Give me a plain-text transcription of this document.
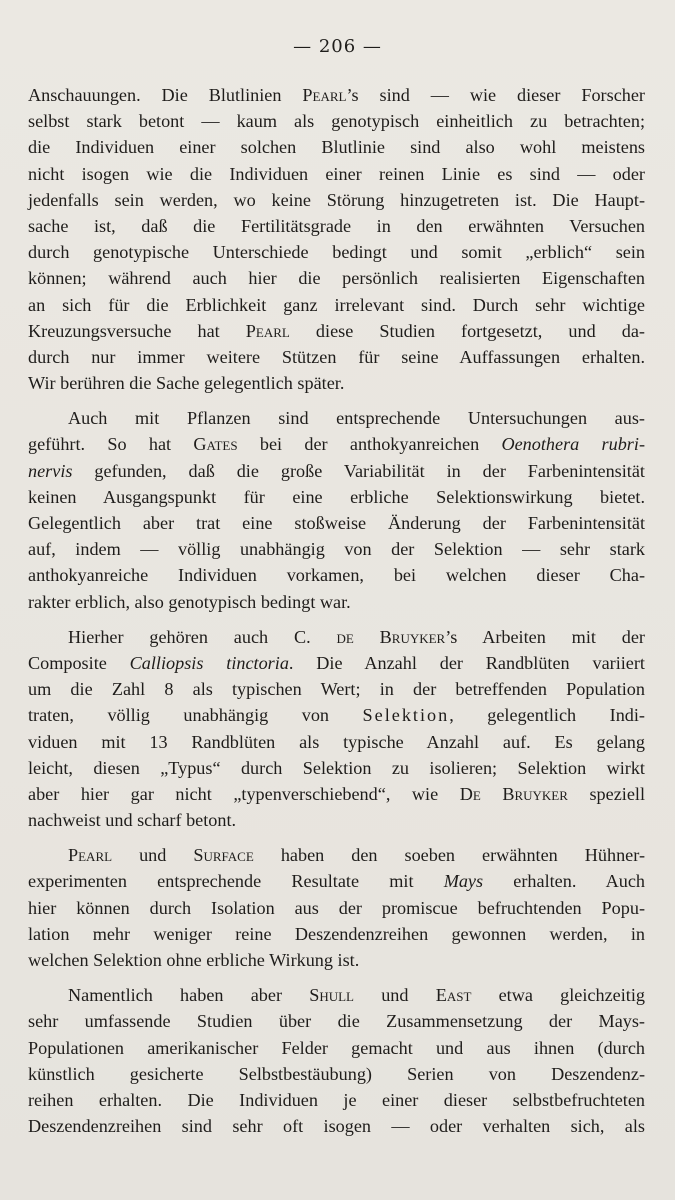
— 206 —
Anschauungen. Die Blutlinien Pearl’s sind — wie dieser Forscher
selbst stark betont — kaum als genotypisch einheitlich zu betrachten;
die Individuen einer solchen Blutlinie sind also wohl meistens
nicht isogen wie die Individuen einer reinen Linie es sind — oder
jedenfalls sein werden, wo keine Störung hinzugetreten ist. Die Haupt-
sache ist, daß die Fertilitätsgrade in den erwähnten Versuchen
durch genotypische Unterschiede bedingt und somit „erblich“ sein
können; während auch hier die persönlich realisierten Eigenschaften
an sich für die Erblichkeit ganz irrelevant sind. Durch sehr wichtige
Kreuzungsversuche hat Pearl diese Studien fortgesetzt, und da-
durch nur immer weitere Stützen für seine Auffassungen erhalten.
Wir berühren die Sache gelegentlich später.
Auch mit Pflanzen sind entsprechende Untersuchungen aus-
geführt. So hat Gates bei der anthokyanreichen Oenothera rubri-
nervis gefunden, daß die große Variabilität in der Farbenintensität
keinen Ausgangspunkt für eine erbliche Selektionswirkung bietet.
Gelegentlich aber trat eine stoßweise Änderung der Farbenintensität
auf, indem — völlig unabhängig von der Selektion — sehr stark
anthokyanreiche Individuen vorkamen, bei welchen dieser Cha-
rakter erblich, also genotypisch bedingt war.
Hierher gehören auch C. de Bruyker’s Arbeiten mit der
Composite Calliopsis tinctoria. Die Anzahl der Randblüten variiert
um die Zahl 8 als typischen Wert; in der betreffenden Population
traten, völlig unabhängig von Selektion, gelegentlich Indi-
viduen mit 13 Randblüten als typische Anzahl auf. Es gelang
leicht, diesen „Typus“ durch Selektion zu isolieren; Selektion wirkt
aber hier gar nicht „typenverschiebend“, wie De Bruyker speziell
nachweist und scharf betont.
Pearl und Surface haben den soeben erwähnten Hühner-
experimenten entsprechende Resultate mit Mays erhalten. Auch
hier können durch Isolation aus der promiscue befruchtenden Popu-
lation mehr weniger reine Deszendenzreihen gewonnen werden, in
welchen Selektion ohne erbliche Wirkung ist.
Namentlich haben aber Shull und East etwa gleichzeitig
sehr umfassende Studien über die Zusammensetzung der Mays-
Populationen amerikanischer Felder gemacht und aus ihnen (durch
künstlich gesicherte Selbstbestäubung) Serien von Deszendenz-
reihen erhalten. Die Individuen je einer dieser selbstbefruchteten
Deszendenzreihen sind sehr oft isogen — oder verhalten sich, als
